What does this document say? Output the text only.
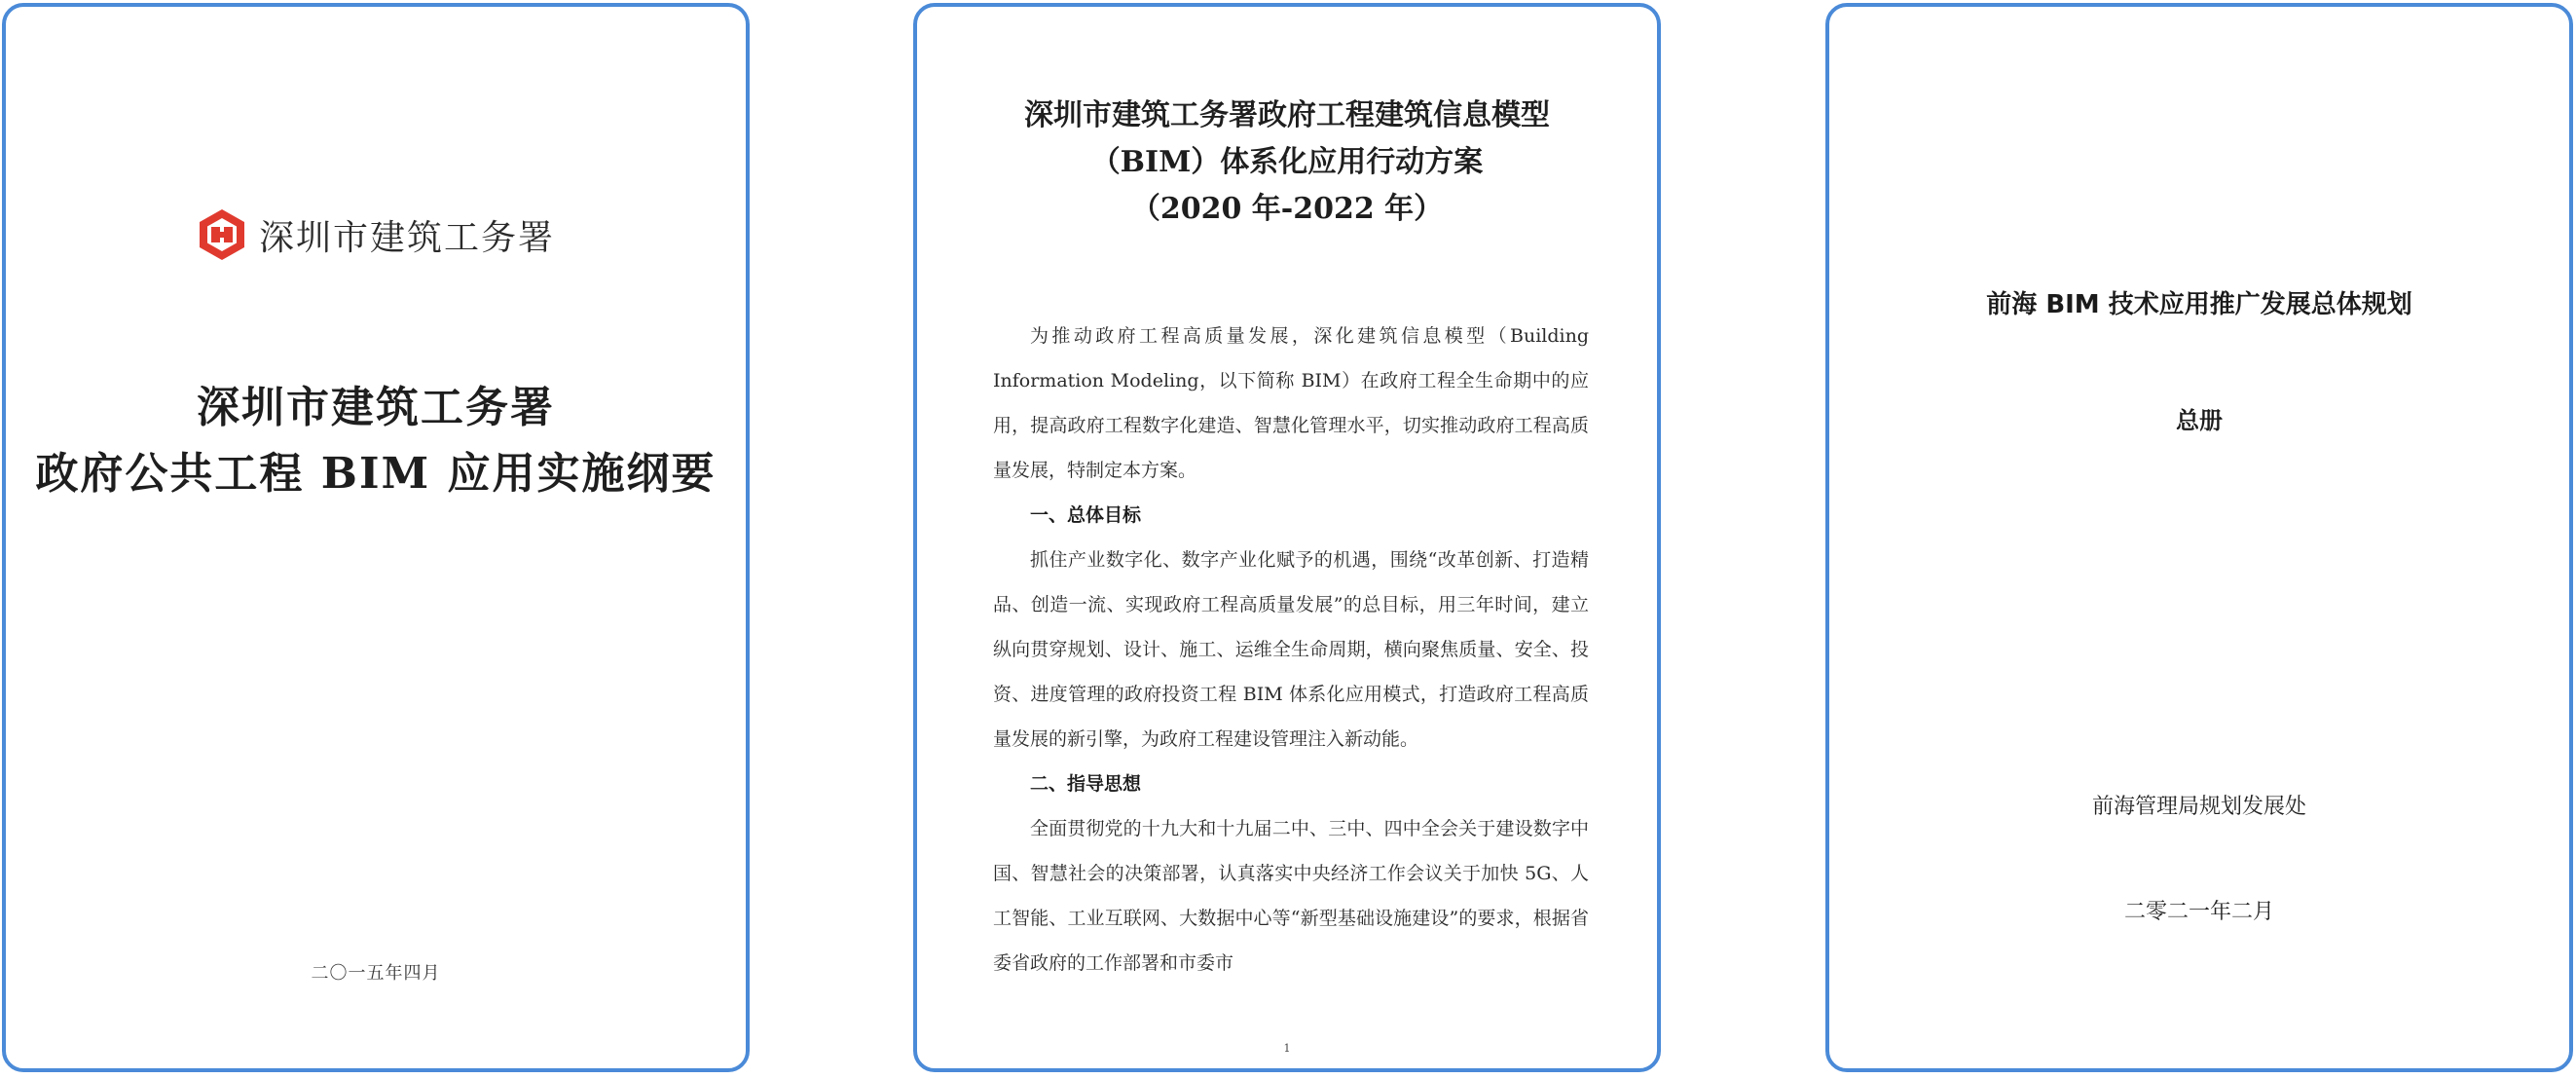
深圳市建筑工务署
深圳市建筑工务署
政府公共工程 BIM 应用实施纲要
二〇一五年四月
深圳市建筑工务署政府工程建筑信息模型
（BIM）体系化应用行动方案
（2020 年-2022 年）

为推动政府工程高质量发展，深化建筑信息模型（Building Information Modeling，以下简称 BIM）在政府工程全生命期中的应用，提高政府工程数字化建造、智慧化管理水平，切实推动政府工程高质量发展，特制定本方案。

一、总体目标

抓住产业数字化、数字产业化赋予的机遇，围绕“改革创新、打造精品、创造一流、实现政府工程高质量发展”的总目标，用三年时间，建立纵向贯穿规划、设计、施工、运维全生命周期，横向聚焦质量、安全、投资、进度管理的政府投资工程 BIM 体系化应用模式，打造政府工程高质量发展的新引擎，为政府工程建设管理注入新动能。

二、指导思想

全面贯彻党的十九大和十九届二中、三中、四中全会关于建设数字中国、智慧社会的决策部署，认真落实中央经济工作会议关于加快 5G、人工智能、工业互联网、大数据中心等“新型基础设施建设”的要求，根据省委省政府的工作部署和市委市

1
前海 BIM 技术应用推广发展总体规划
总册
前海管理局规划发展处
二零二一年二月
